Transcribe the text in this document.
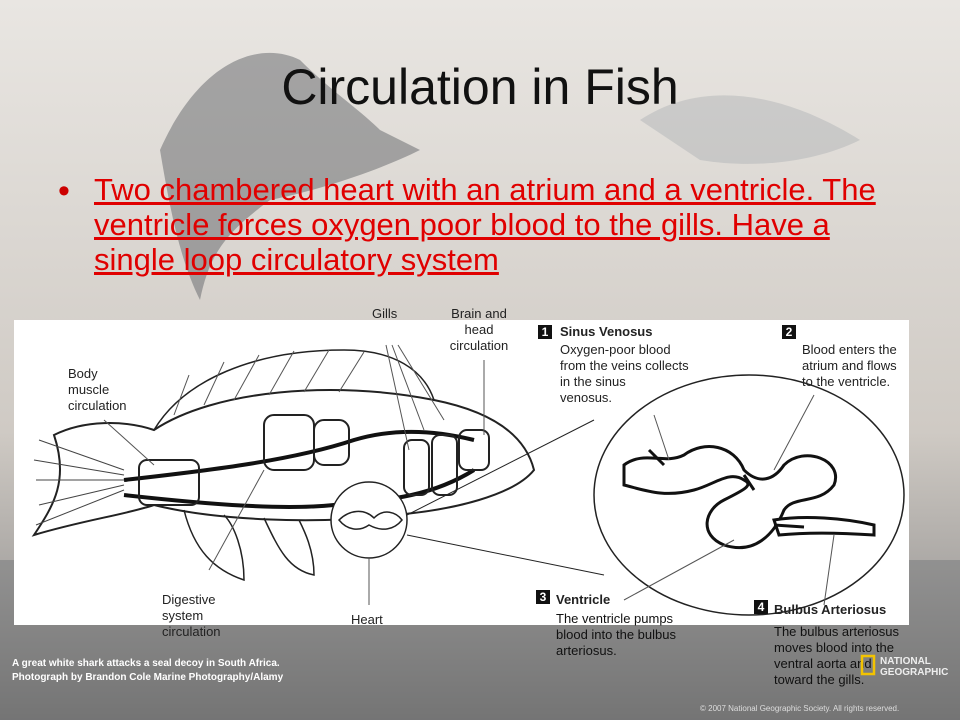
Circulation in Fish
• Two chambered heart with an atrium and a ventricle. The ventricle forces oxygen poor blood to the gills. Have a single loop circulatory system
Gills	Brain and
head
circulation
Body
muscle
circulation
Digestive
system
circulation
Heart
1 Sinus Venosus
Oxygen-poor blood
from the veins collects
in the sinus
venosus.
2
Blood enters the
atrium and flows
to the ventricle.
3 Ventricle
The ventricle pumps
blood into the bulbus
arteriosus.
4 Bulbus Arteriosus
The bulbus arteriosus
moves blood into the
ventral aorta and
toward the gills.
A great white shark attacks a seal decoy in South Africa.
Photograph by Brandon Cole Marine Photography/Alamy
© 2007 National Geographic Society. All rights reserved.
NATIONAL
GEOGRAPHIC
